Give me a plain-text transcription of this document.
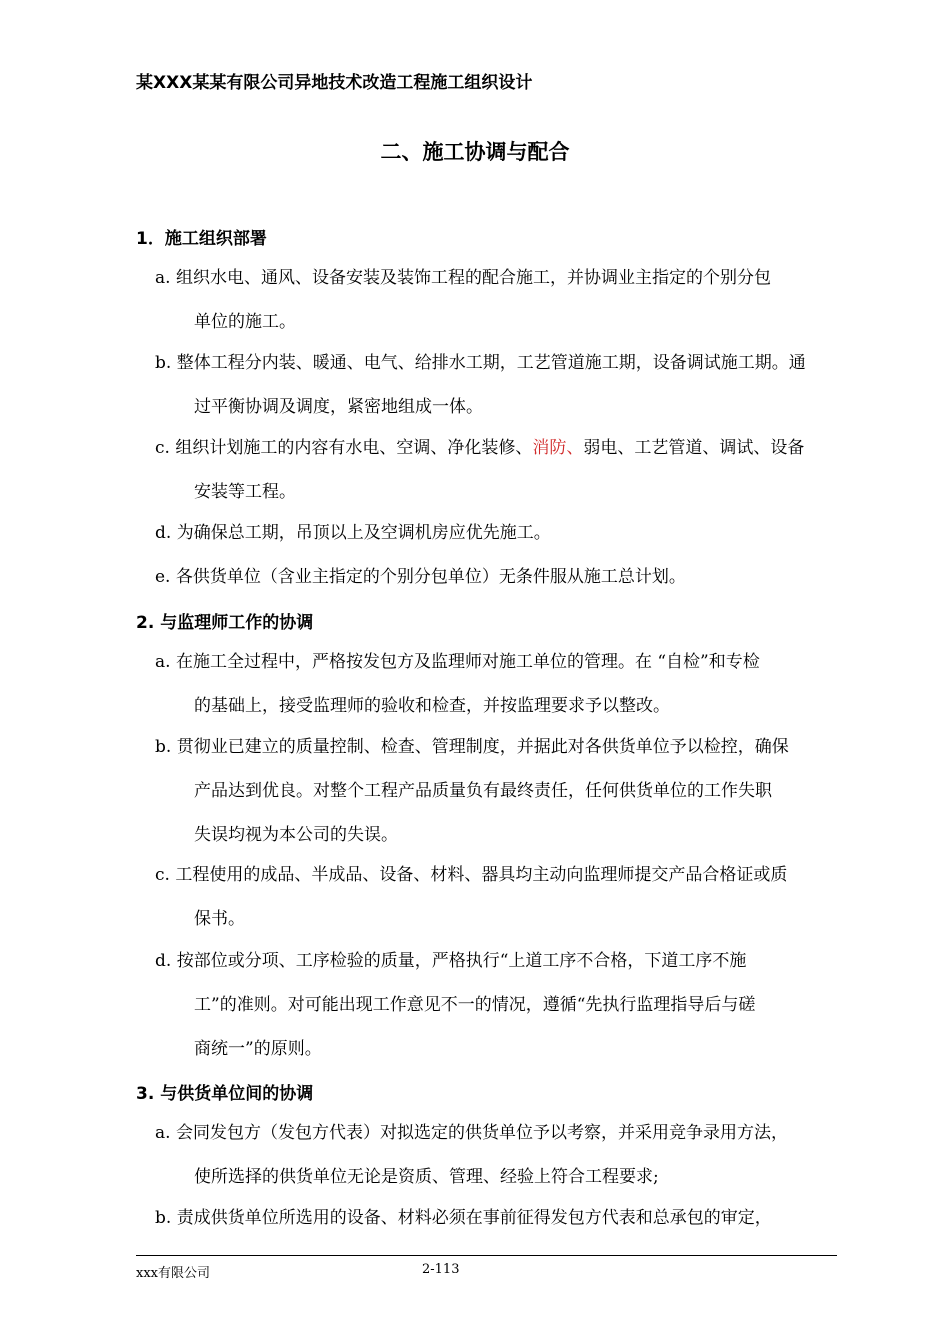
某XXX某某有限公司异地技术改造工程施工组织设计
二、施工协调与配合
1．施工组织部署
a. 组织水电、通风、设备安装及装饰工程的配合施工，并协调业主指定的个别分包
单位的施工。
b. 整体工程分内装、暖通、电气、给排水工期，工艺管道施工期，设备调试施工期。通
过平衡协调及调度，紧密地组成一体。
c. 组织计划施工的内容有水电、空调、净化装修、消防、弱电、工艺管道、调试、设备
安装等工程。
d. 为确保总工期，吊顶以上及空调机房应优先施工。
e. 各供货单位（含业主指定的个别分包单位）无条件服从施工总计划。
2. 与监理师工作的协调
a. 在施工全过程中，严格按发包方及监理师对施工单位的管理。在 “自检”和专检
的基础上，接受监理师的验收和检查，并按监理要求予以整改。
b. 贯彻业已建立的质量控制、检查、管理制度，并据此对各供货单位予以检控，确保
产品达到优良。对整个工程产品质量负有最终责任，任何供货单位的工作失职
失误均视为本公司的失误。
c. 工程使用的成品、半成品、设备、材料、器具均主动向监理师提交产品合格证或质
保书。
d. 按部位或分项、工序检验的质量，严格执行“上道工序不合格，下道工序不施
工”的准则。对可能出现工作意见不一的情况，遵循“先执行监理指导后与磋
商统一”的原则。
3. 与供货单位间的协调
a. 会同发包方（发包方代表）对拟选定的供货单位予以考察，并采用竞争录用方法，
使所选择的供货单位无论是资质、管理、经验上符合工程要求;
b. 责成供货单位所选用的设备、材料必须在事前征得发包方代表和总承包的审定，
xxx有限公司	2-113
